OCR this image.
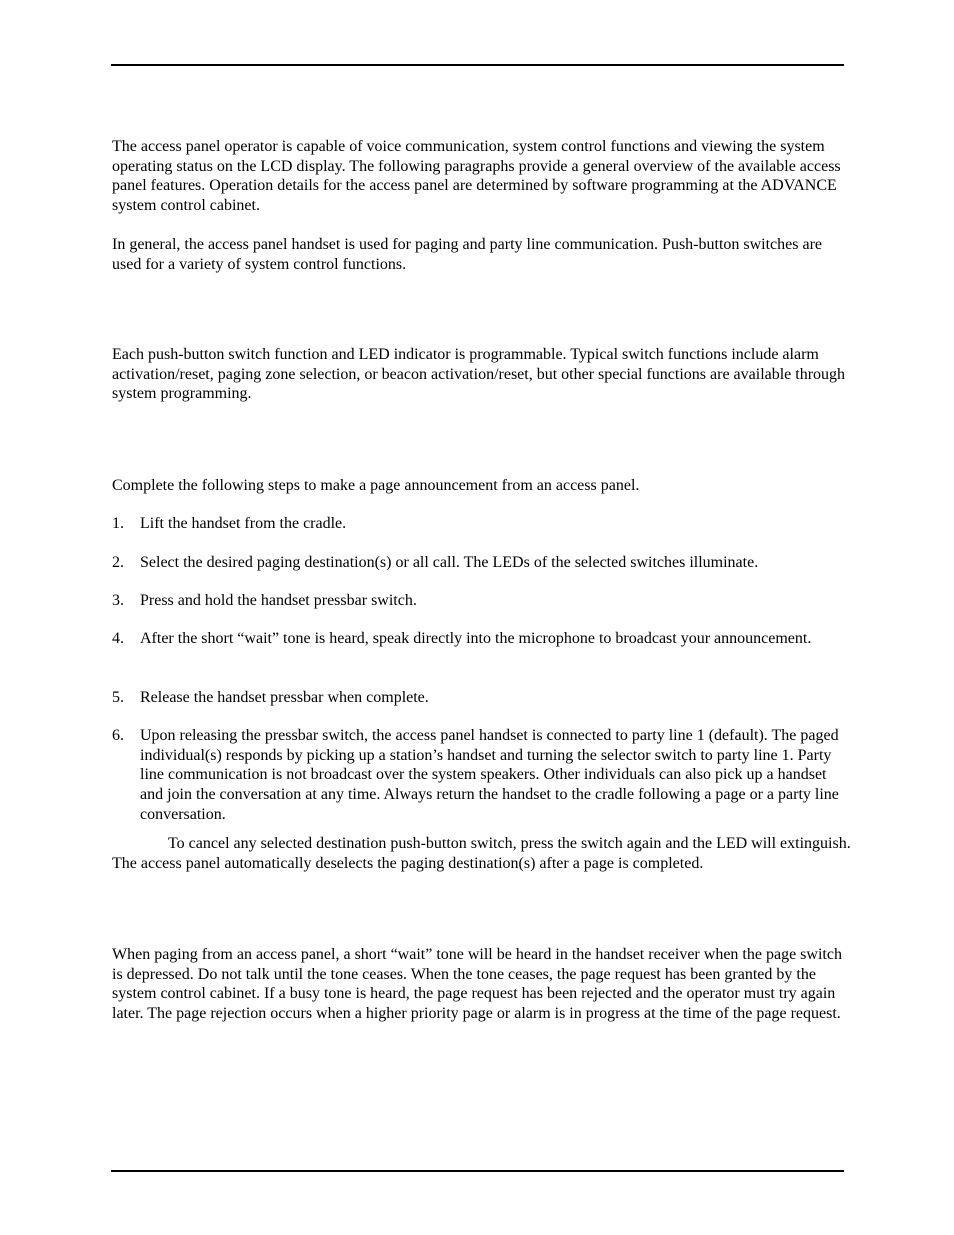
The access panel operator is capable of voice communication, system control functions and viewing the system operating status on the LCD display. The following paragraphs provide a general overview of the available access panel features. Operation details for the access panel are determined by software programming at the ADVANCE system control cabinet.

In general, the access panel handset is used for paging and party line communication. Push-button switches are used for a variety of system control functions.

Each push-button switch function and LED indicator is programmable. Typical switch functions include alarm activation/reset, paging zone selection, or beacon activation/reset, but other special functions are available through system programming.

Complete the following steps to make a page announcement from an access panel.

1.	Lift the handset from the cradle.
2.	Select the desired paging destination(s) or all call. The LEDs of the selected switches illuminate.
3.	Press and hold the handset pressbar switch.
4.	After the short “wait” tone is heard, speak directly into the microphone to broadcast your announcement.
5.	Release the handset pressbar when complete.
6.	Upon releasing the pressbar switch, the access panel handset is connected to party line 1 (default). The paged individual(s) responds by picking up a station’s handset and turning the selector switch to party line 1. Party line communication is not broadcast over the system speakers. Other individuals can also pick up a handset and join the conversation at any time. Always return the handset to the cradle following a page or a party line conversation.

To cancel any selected destination push-button switch, press the switch again and the LED will extinguish. The access panel automatically deselects the paging destination(s) after a page is completed.

When paging from an access panel, a short “wait” tone will be heard in the handset receiver when the page switch is depressed. Do not talk until the tone ceases. When the tone ceases, the page request has been granted by the system control cabinet. If a busy tone is heard, the page request has been rejected and the operator must try again later. The page rejection occurs when a higher priority page or alarm is in progress at the time of the page request.
